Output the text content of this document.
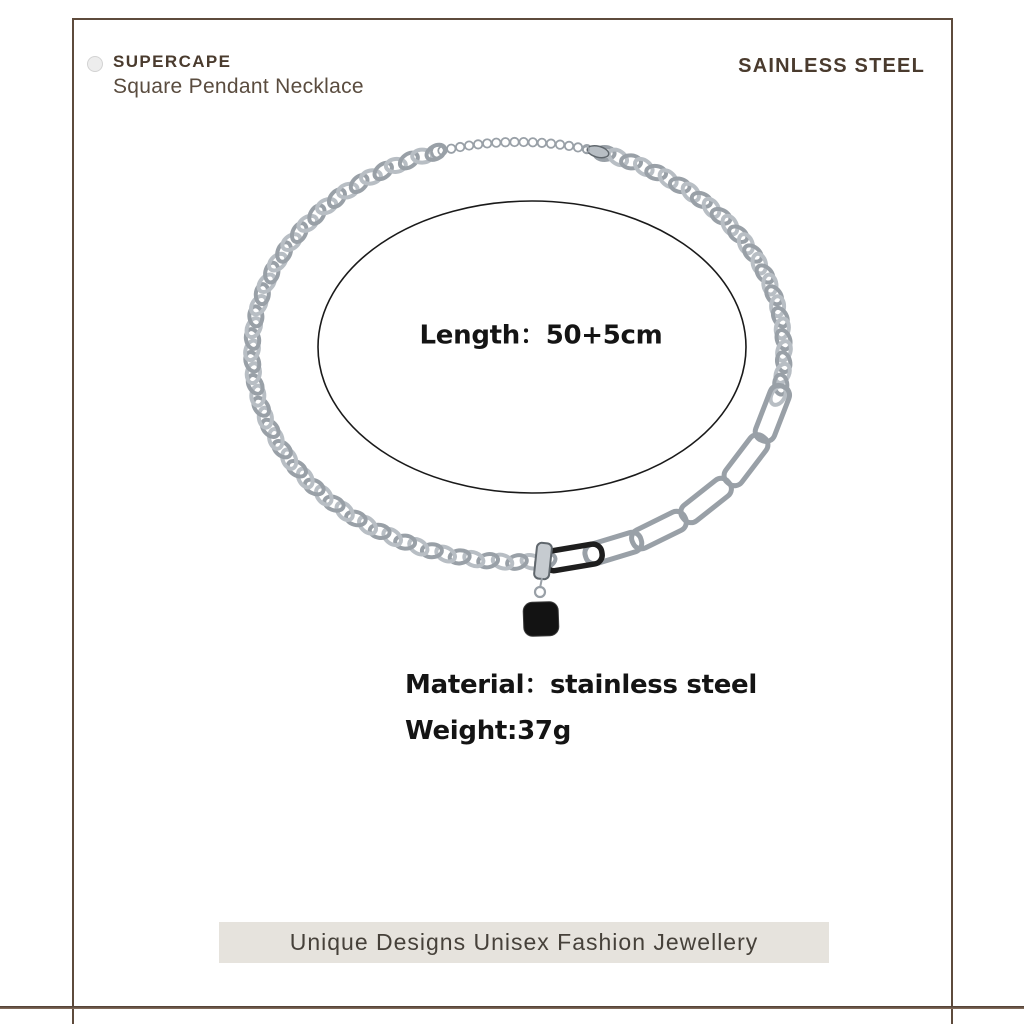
SUPERCAPE
Square Pendant Necklace
SAINLESS STEEL
Length：50+5cm
Material：stainless steel
Weight:37g
Unique Designs Unisex Fashion Jewellery
